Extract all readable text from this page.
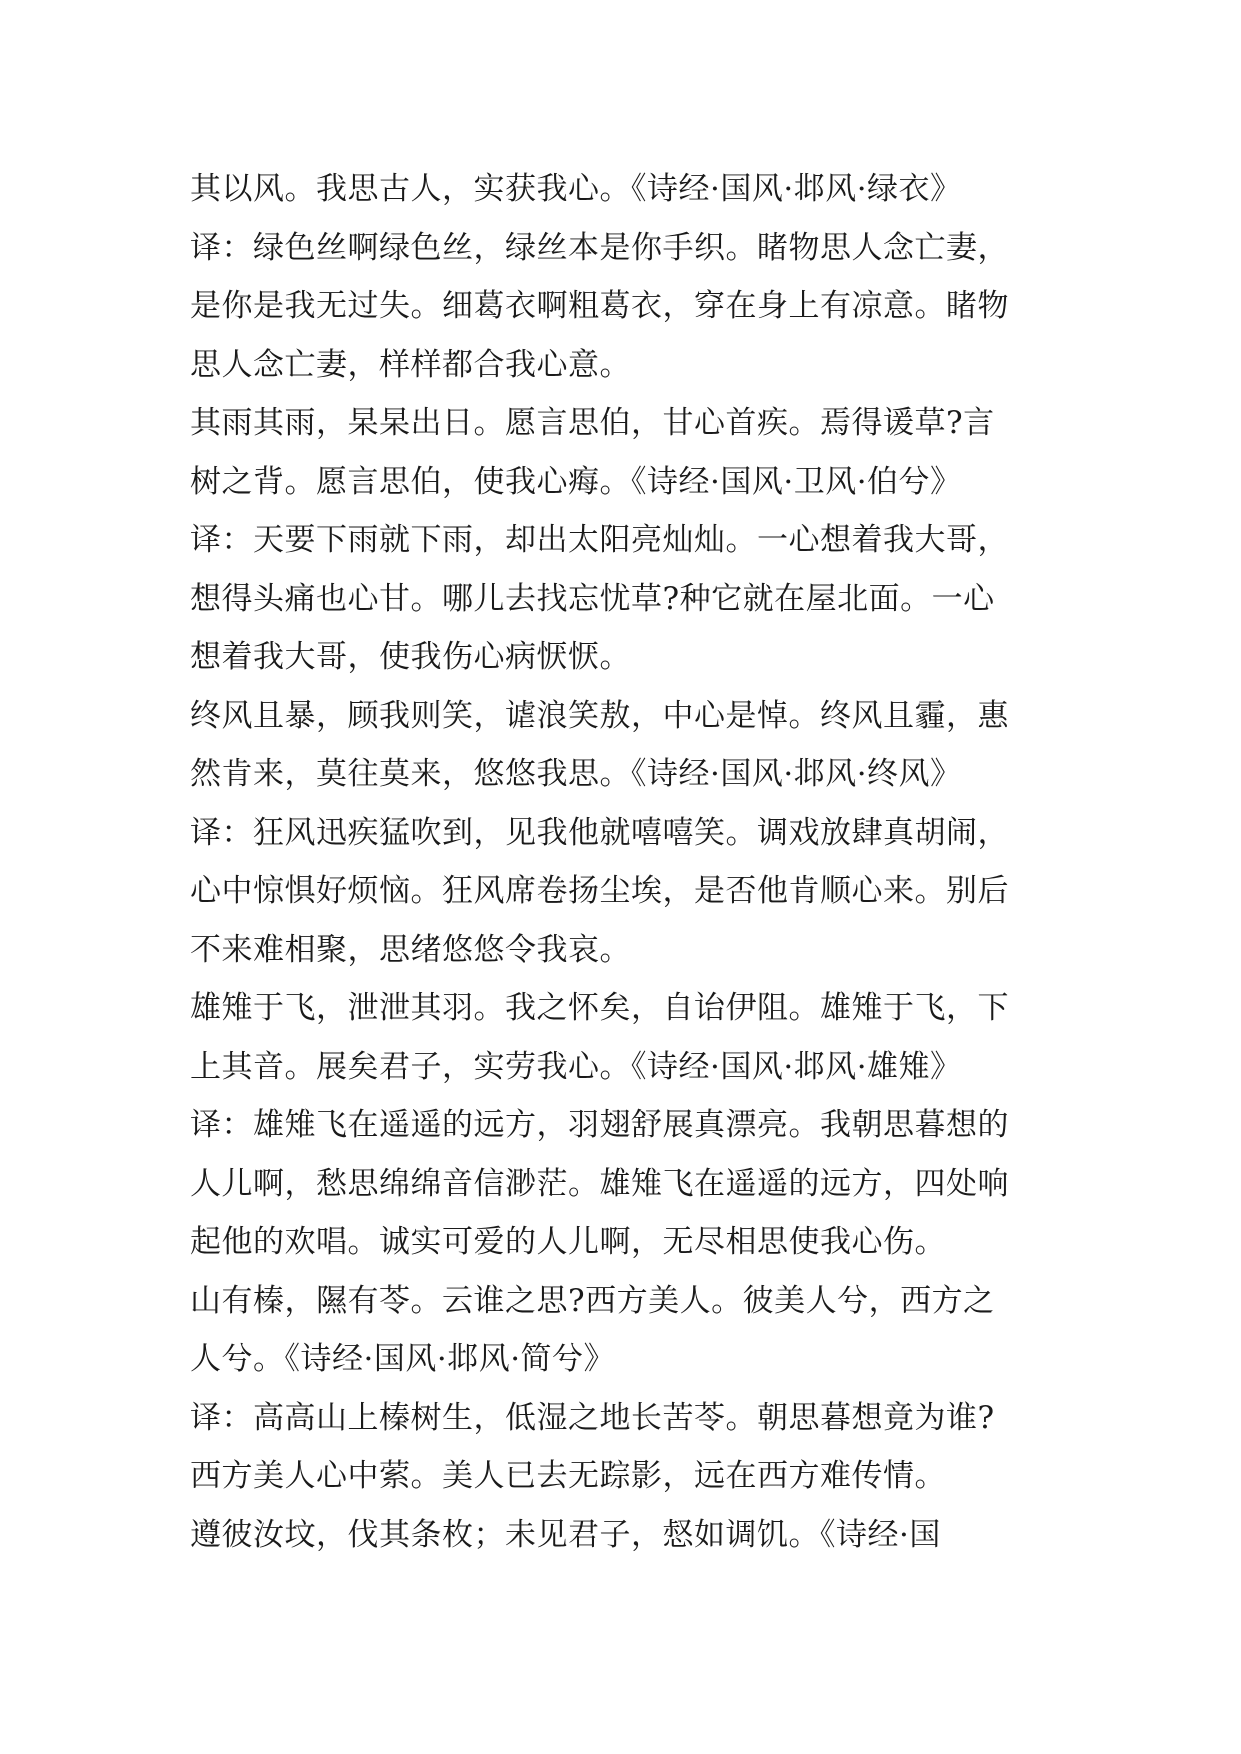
其以风。我思古人，实获我心。《诗经·国风·邶风·绿衣》
译：绿色丝啊绿色丝，绿丝本是你手织。睹物思人念亡妻，
是你是我无过失。细葛衣啊粗葛衣，穿在身上有凉意。睹物
思人念亡妻，样样都合我心意。
其雨其雨，杲杲出日。愿言思伯，甘心首疾。焉得谖草?言
树之背。愿言思伯，使我心痗。《诗经·国风·卫风·伯兮》
译：天要下雨就下雨，却出太阳亮灿灿。一心想着我大哥，
想得头痛也心甘。哪儿去找忘忧草?种它就在屋北面。一心
想着我大哥，使我伤心病恹恹。
终风且暴，顾我则笑，谑浪笑敖，中心是悼。终风且霾，惠
然肯来，莫往莫来，悠悠我思。《诗经·国风·邶风·终风》
译：狂风迅疾猛吹到，见我他就嘻嘻笑。调戏放肆真胡闹，
心中惊惧好烦恼。狂风席卷扬尘埃，是否他肯顺心来。别后
不来难相聚，思绪悠悠令我哀。
雄雉于飞，泄泄其羽。我之怀矣，自诒伊阻。雄雉于飞，下
上其音。展矣君子，实劳我心。《诗经·国风·邶风·雄雉》
译：雄雉飞在遥遥的远方，羽翅舒展真漂亮。我朝思暮想的
人儿啊，愁思绵绵音信渺茫。雄雉飞在遥遥的远方，四处响
起他的欢唱。诚实可爱的人儿啊，无尽相思使我心伤。
山有榛，隰有苓。云谁之思?西方美人。彼美人兮，西方之
人兮。《诗经·国风·邶风·简兮》
译：高高山上榛树生，低湿之地长苦苓。朝思暮想竟为谁?
西方美人心中萦。美人已去无踪影，远在西方难传情。
遵彼汝坟，伐其条枚；未见君子，惄如调饥。《诗经·国
